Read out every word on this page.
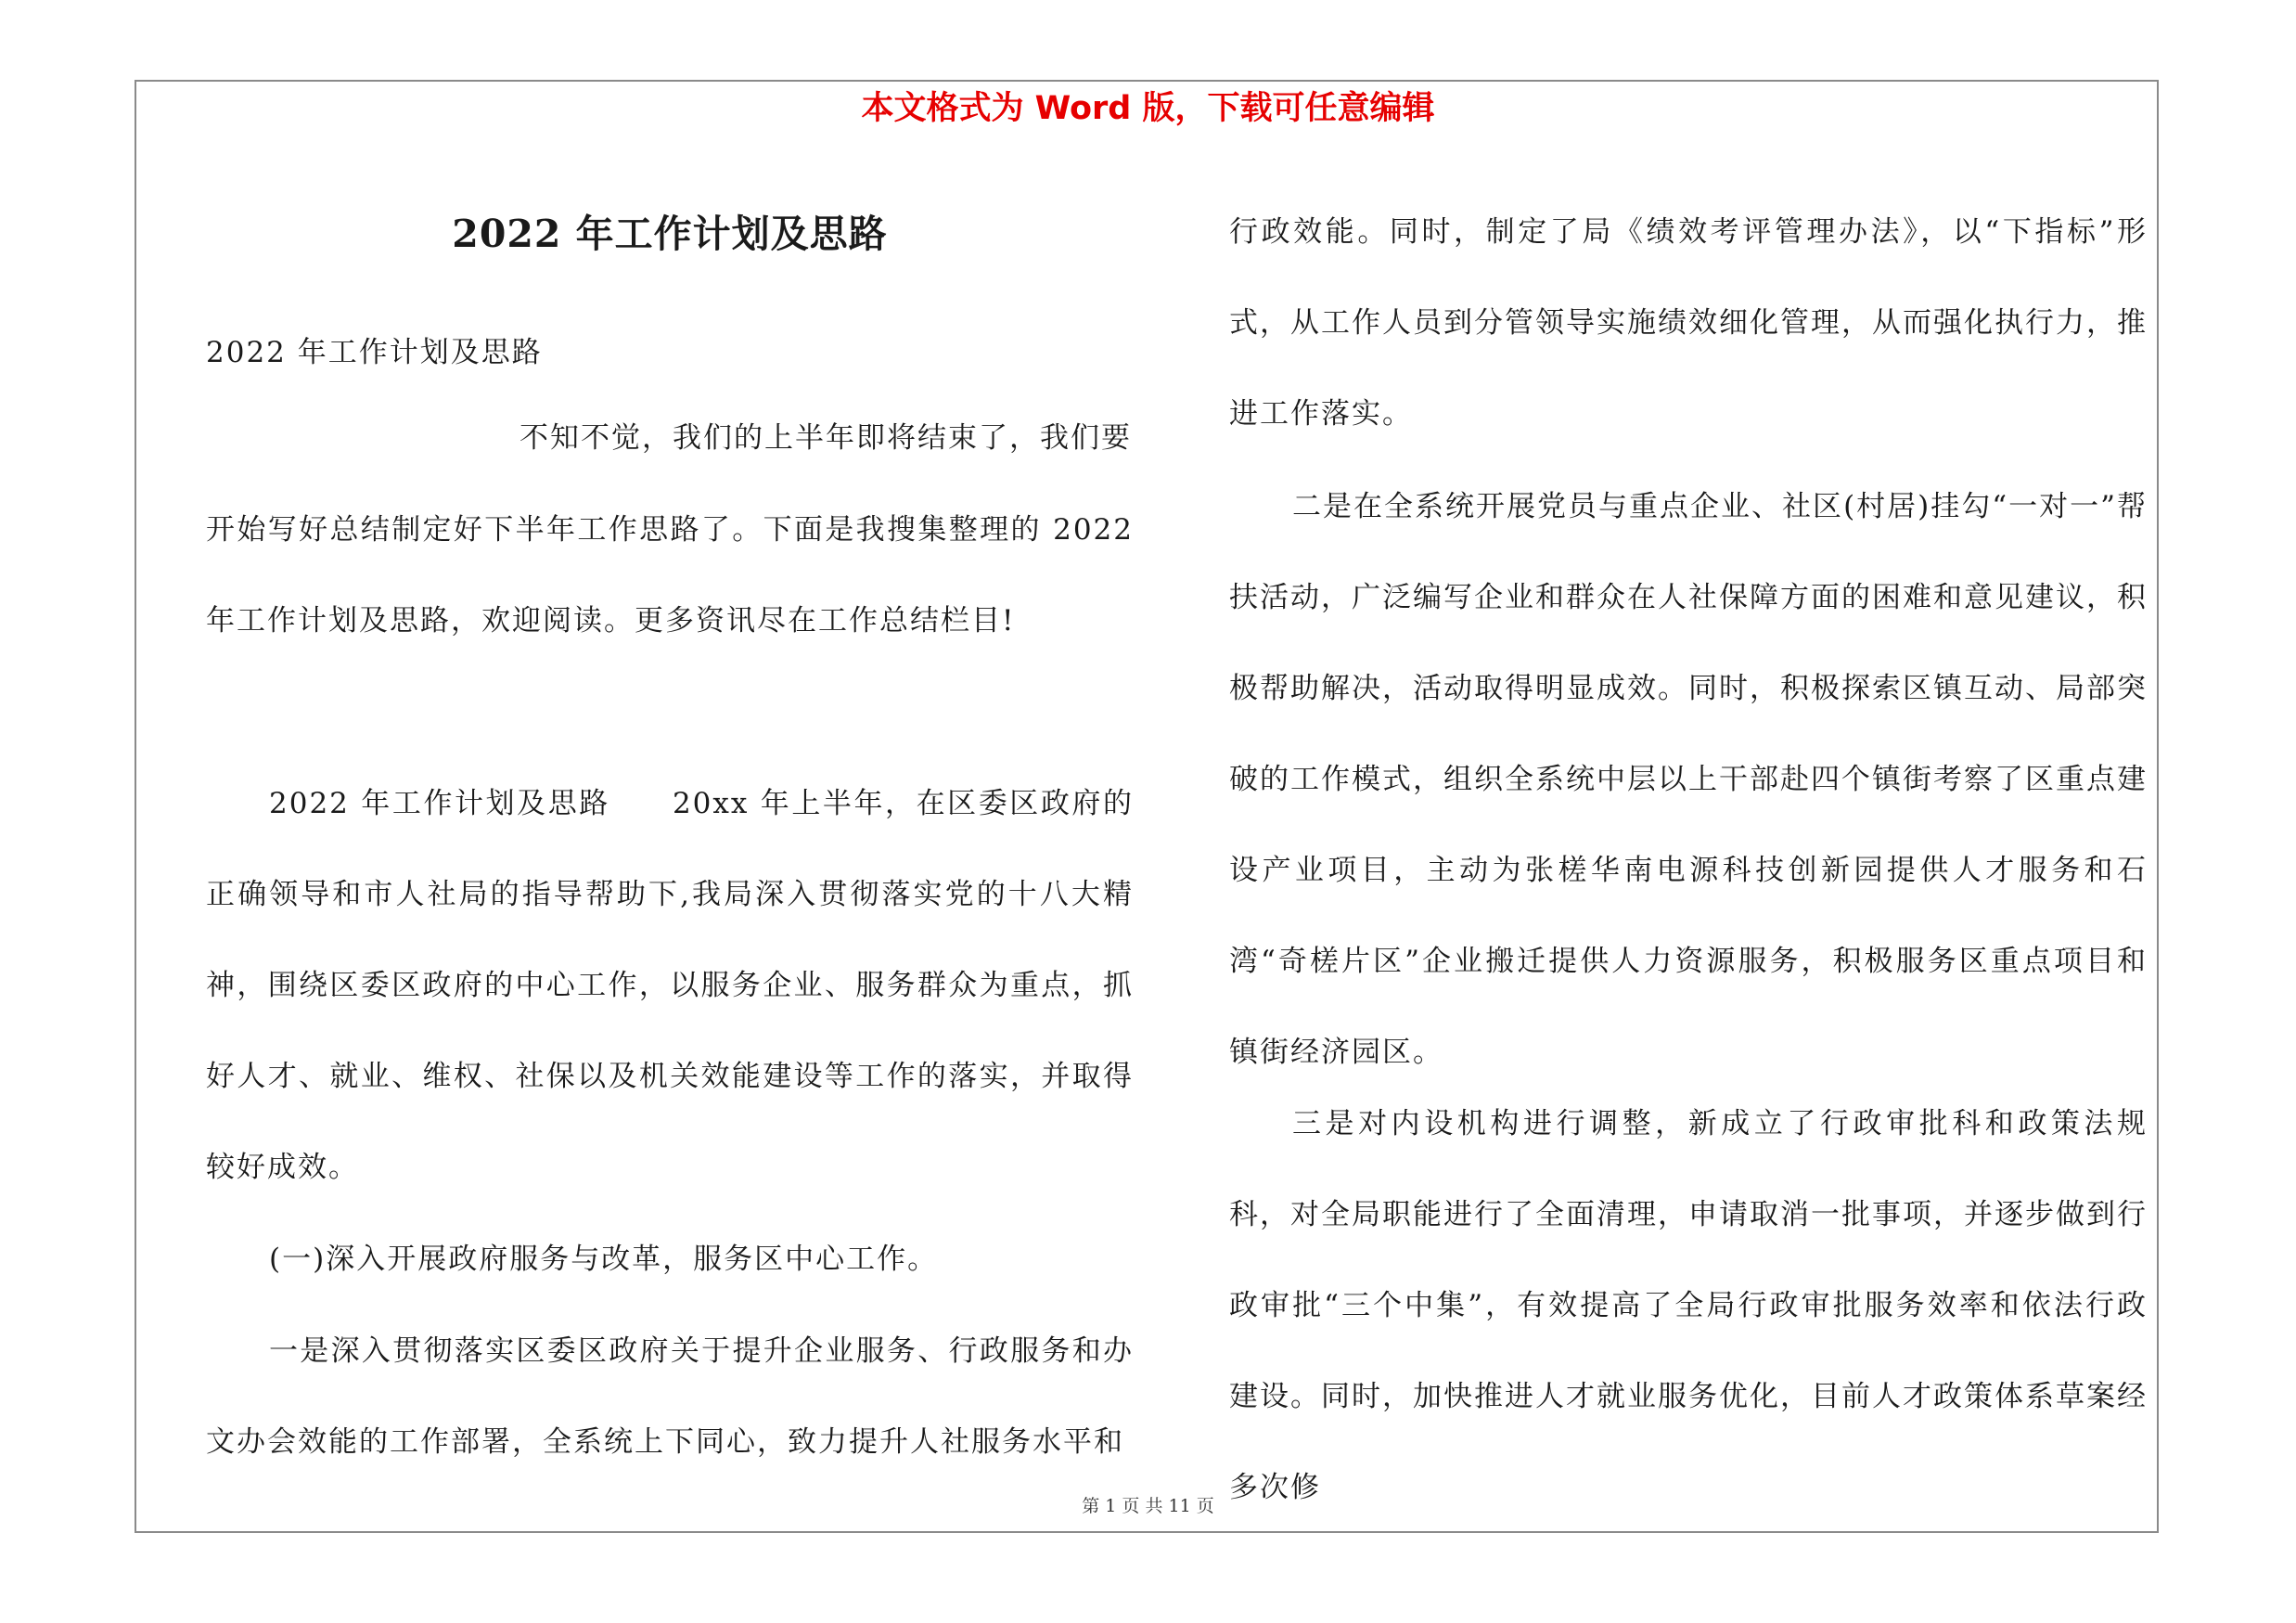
本文格式为 Word 版，下载可任意编辑
2022 年工作计划及思路

2022 年工作计划及思路

不知不觉，我们的上半年即将结束了，我们要

开始写好总结制定好下半年工作思路了。下面是我搜集整理的 2022 年工作计划及思路，欢迎阅读。更多资讯尽在工作总结栏目!

2022 年工作计划及思路　　20xx 年上半年，在区委区政府的正确领导和市人社局的指导帮助下,我局深入贯彻落实党的十八大精神，围绕区委区政府的中心工作，以服务企业、服务群众为重点，抓好人才、就业、维权、社保以及机关效能建设等工作的落实，并取得较好成效。

(一)深入开展政府服务与改革，服务区中心工作。

一是深入贯彻落实区委区政府关于提升企业服务、行政服务和办文办会效能的工作部署，全系统上下同心，致力提升人社服务水平和

行政效能。同时，制定了局《绩效考评管理办法》，以“下指标”形式，从工作人员到分管领导实施绩效细化管理，从而强化执行力，推进工作落实。

二是在全系统开展党员与重点企业、社区(村居)挂勾“一对一”帮扶活动，广泛编写企业和群众在人社保障方面的困难和意见建议，积极帮助解决，活动取得明显成效。同时，积极探索区镇互动、局部突破的工作模式，组织全系统中层以上干部赴四个镇街考察了区重点建设产业项目，主动为张槎华南电源科技创新园提供人才服务和石湾“奇槎片区”企业搬迁提供人力资源服务，积极服务区重点项目和镇街经济园区。

三是对内设机构进行调整，新成立了行政审批科和政策法规科，对全局职能进行了全面清理，申请取消一批事项，并逐步做到行政审批“三个中集”，有效提高了全局行政审批服务效率和依法行政建设。同时，加快推进人才就业服务优化，目前人才政策体系草案经多次修

第 1 页 共 11 页
